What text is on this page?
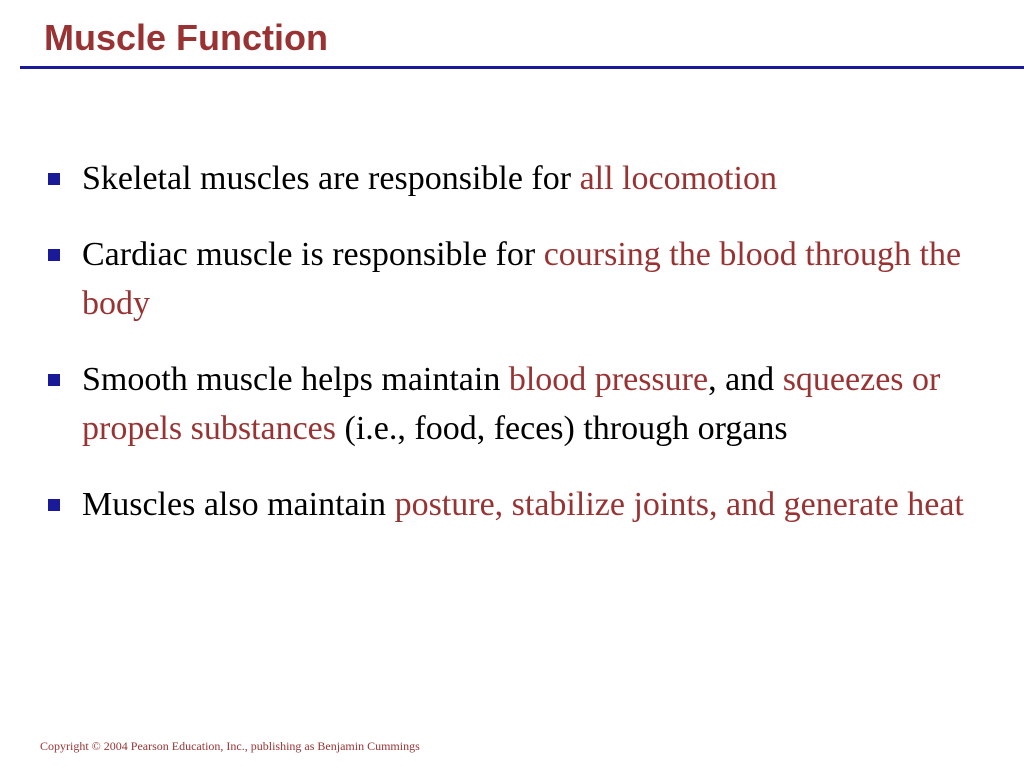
Muscle Function
Skeletal muscles are responsible for all locomotion
Cardiac muscle is responsible for coursing the blood through the body
Smooth muscle helps maintain blood pressure, and squeezes or propels substances (i.e., food, feces) through organs
Muscles also maintain posture, stabilize joints, and generate heat

Copyright © 2004 Pearson Education, Inc., publishing as Benjamin Cummings
